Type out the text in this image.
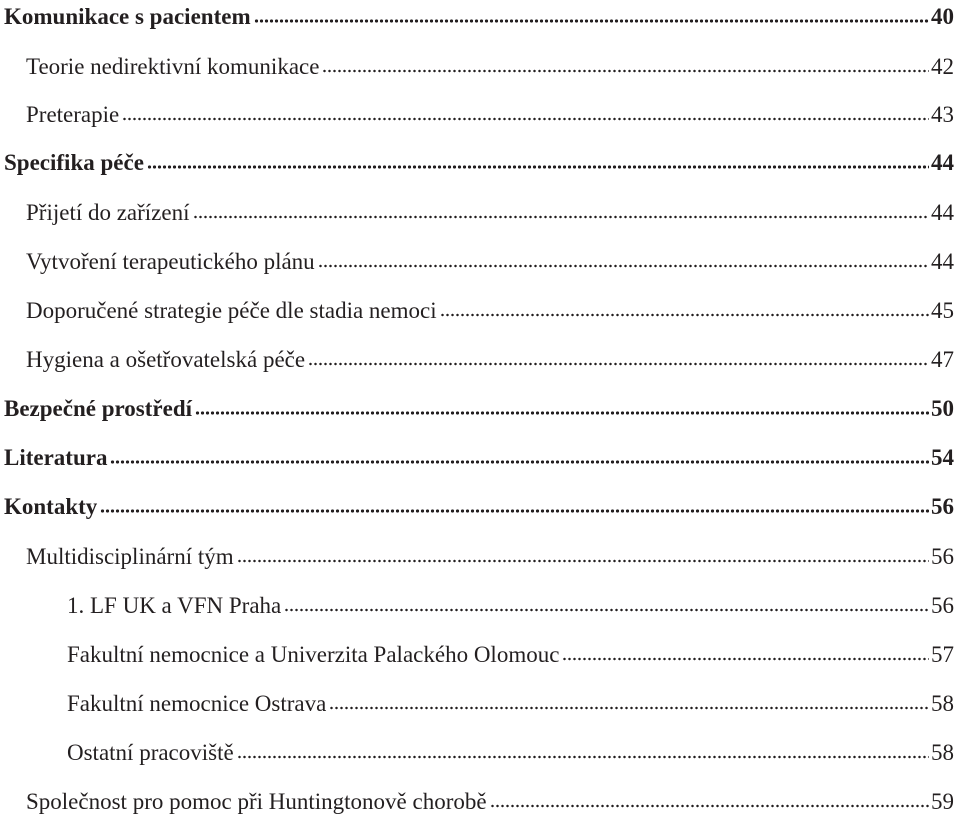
Komunikace s pacientem	40
Teorie nedirektivní komunikace	42
Preterapie	43
Specifika péče	44
Přijetí do zařízení	44
Vytvoření terapeutického plánu	44
Doporučené strategie péče dle stadia nemoci	45
Hygiena a ošetřovatelská péče	47
Bezpečné prostředí	50
Literatura	54
Kontakty	56
Multidisciplinární tým	56
1. LF UK a VFN Praha	56
Fakultní nemocnice a Univerzita Palackého Olomouc	57
Fakultní nemocnice Ostrava	58
Ostatní pracoviště	58
Společnost pro pomoc při Huntingtonově chorobě	59
